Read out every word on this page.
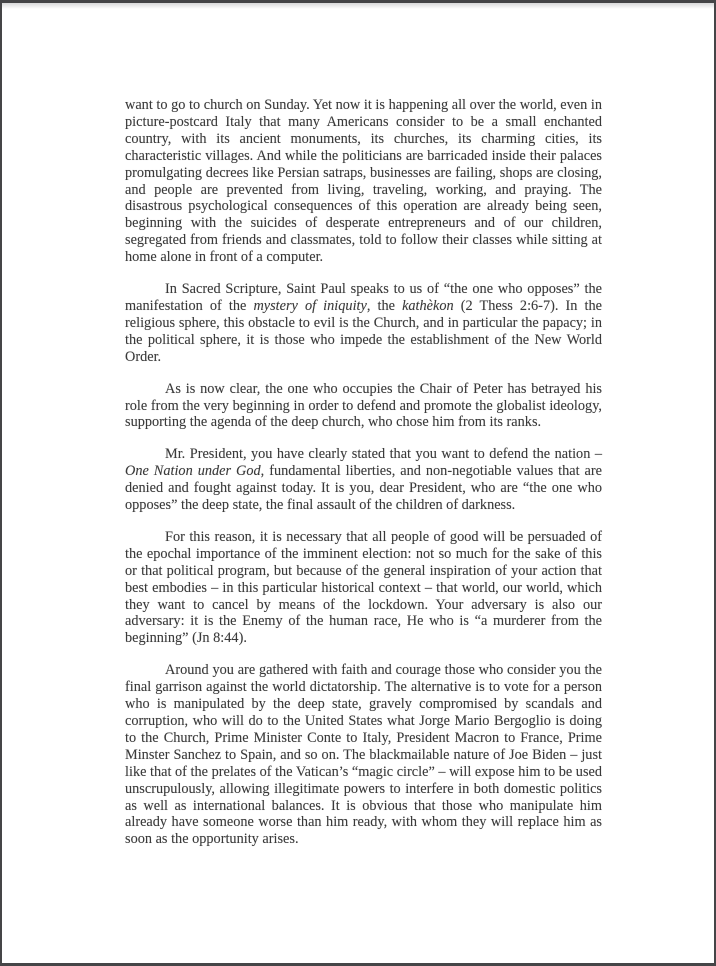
want to go to church on Sunday. Yet now it is happening all over the world, even in picture-postcard Italy that many Americans consider to be a small enchanted country, with its ancient monuments, its churches, its charming cities, its characteristic villages. And while the politicians are barricaded inside their palaces promulgating decrees like Persian satraps, businesses are failing, shops are closing, and people are prevented from living, traveling, working, and praying. The disastrous psychological consequences of this operation are already being seen, beginning with the suicides of desperate entrepreneurs and of our children, segregated from friends and classmates, told to follow their classes while sitting at home alone in front of a computer.

In Sacred Scripture, Saint Paul speaks to us of “the one who opposes” the manifestation of the mystery of iniquity, the kathèkon (2 Thess 2:6-7). In the religious sphere, this obstacle to evil is the Church, and in particular the papacy; in the political sphere, it is those who impede the establishment of the New World Order.

As is now clear, the one who occupies the Chair of Peter has betrayed his role from the very beginning in order to defend and promote the globalist ideology, supporting the agenda of the deep church, who chose him from its ranks.

Mr. President, you have clearly stated that you want to defend the nation – One Nation under God, fundamental liberties, and non-negotiable values that are denied and fought against today. It is you, dear President, who are “the one who opposes” the deep state, the final assault of the children of darkness.

For this reason, it is necessary that all people of good will be persuaded of the epochal importance of the imminent election: not so much for the sake of this or that political program, but because of the general inspiration of your action that best embodies – in this particular historical context – that world, our world, which they want to cancel by means of the lockdown. Your adversary is also our adversary: it is the Enemy of the human race, He who is “a murderer from the beginning” (Jn 8:44).

Around you are gathered with faith and courage those who consider you the final garrison against the world dictatorship. The alternative is to vote for a person who is manipulated by the deep state, gravely compromised by scandals and corruption, who will do to the United States what Jorge Mario Bergoglio is doing to the Church, Prime Minister Conte to Italy, President Macron to France, Prime Minster Sanchez to Spain, and so on. The blackmailable nature of Joe Biden – just like that of the prelates of the Vatican’s “magic circle” – will expose him to be used unscrupulously, allowing illegitimate powers to interfere in both domestic politics as well as international balances. It is obvious that those who manipulate him already have someone worse than him ready, with whom they will replace him as soon as the opportunity arises.
